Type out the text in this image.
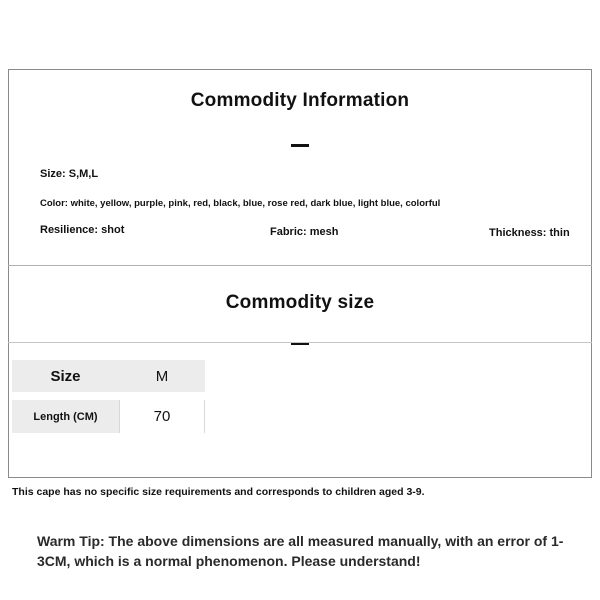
Commodity Information
Size: S,M,L
Color: white, yellow, purple, pink, red, black, blue, rose red, dark blue, light blue, colorful
Resilience: shot	Fabric: mesh	Thickness: thin
Commodity size
Size	M
Length (CM)	70
This cape has no specific size requirements and corresponds to children aged 3-9.
Warm Tip: The above dimensions are all measured manually, with an error of 1-3CM, which is a normal phenomenon. Please understand!
